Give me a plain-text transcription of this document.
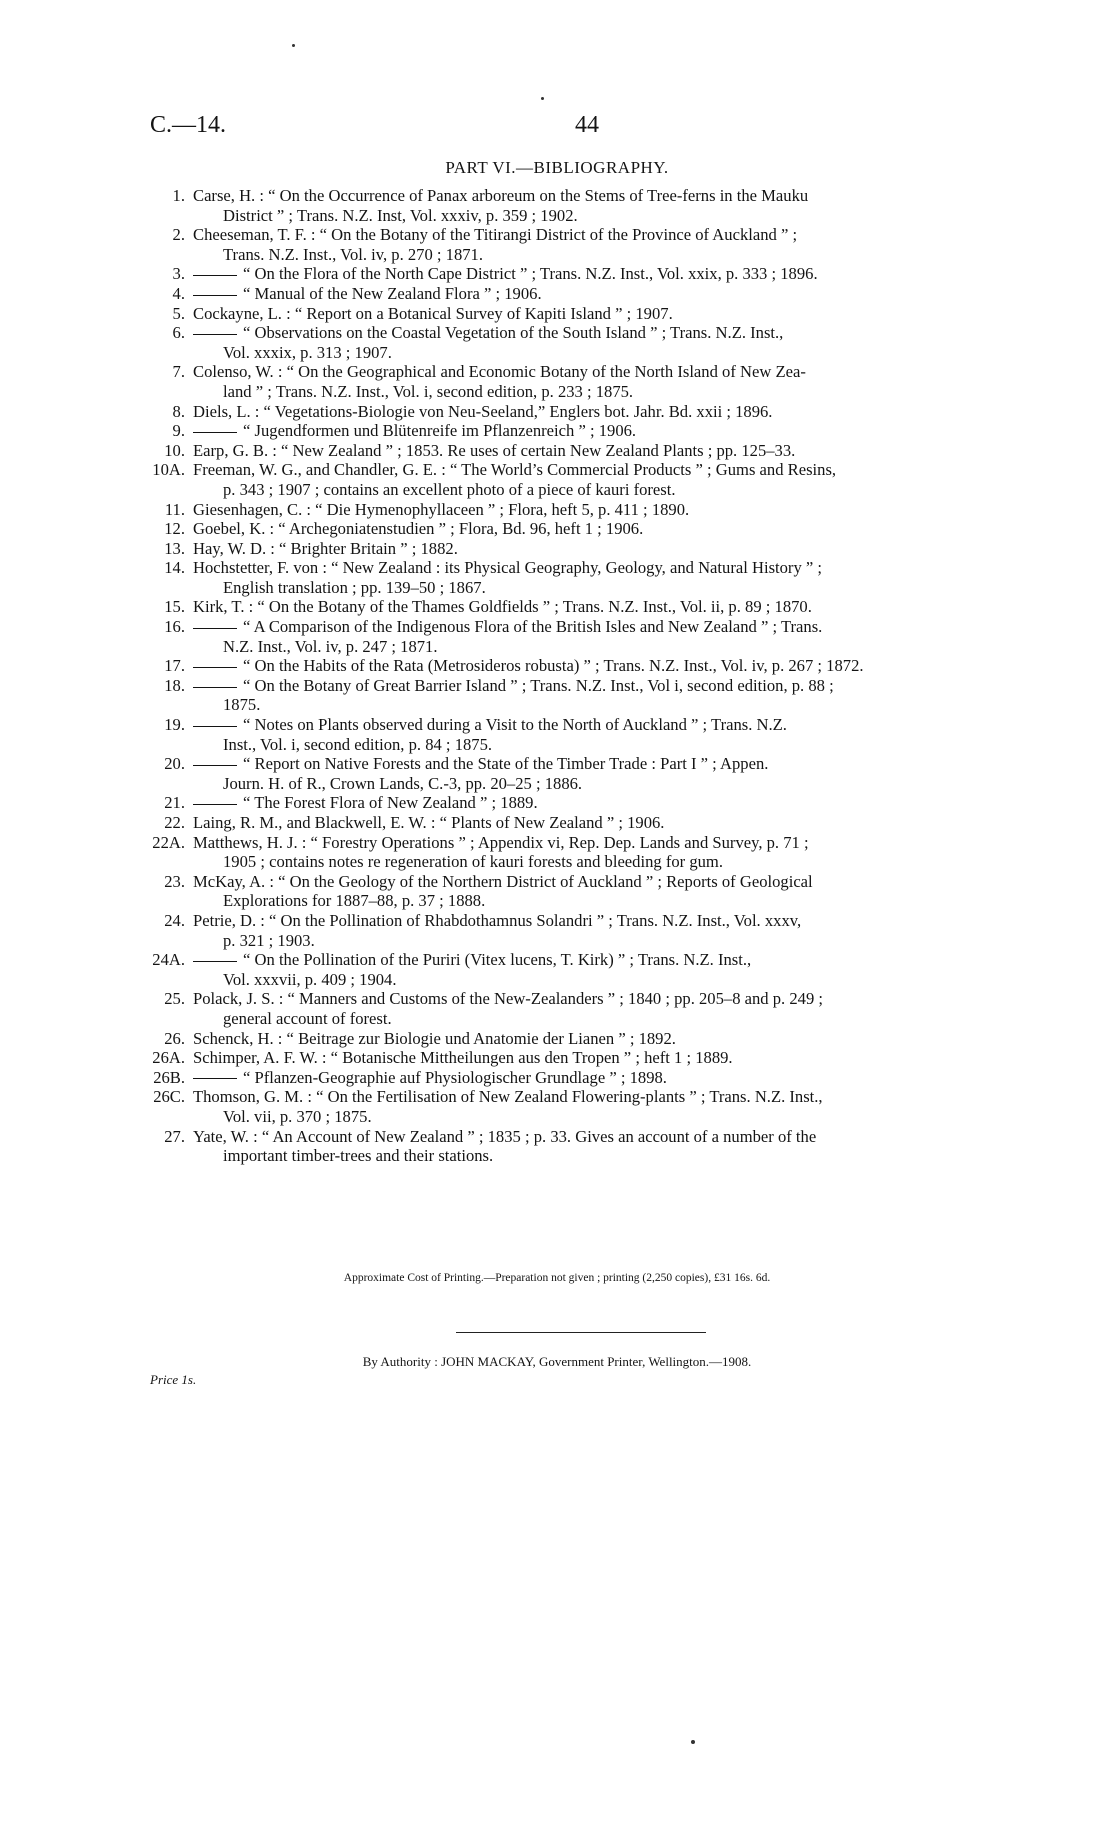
C.—14.	44
PART VI.—BIBLIOGRAPHY.
1. Carse, H. : “ On the Occurrence of Panax arboreum on the Stems of Tree-ferns in the Mauku
District ” ; Trans. N.Z. Inst, Vol. xxxiv, p. 359 ; 1902.
2. Cheeseman, T. F. : “ On the Botany of the Titirangi District of the Province of Auckland ” ;
Trans. N.Z. Inst., Vol. iv, p. 270 ; 1871.
3.	“ On the Flora of the North Cape District ” ; Trans. N.Z. Inst., Vol. xxix, p. 333 ; 1896.
4.	“ Manual of the New Zealand Flora ” ; 1906.
5. Cockayne, L. : “ Report on a Botanical Survey of Kapiti Island ” ; 1907.
6.	“ Observations on the Coastal Vegetation of the South Island ” ; Trans. N.Z. Inst.,
Vol. xxxix, p. 313 ; 1907.
7. Colenso, W. : “ On the Geographical and Economic Botany of the North Island of New Zea-
land ” ; Trans. N.Z. Inst., Vol. i, second edition, p. 233 ; 1875.
8. Diels, L. : “ Vegetations-Biologie von Neu-Seeland,” Englers bot. Jahr. Bd. xxii ; 1896.
9.	“ Jugendformen und Blütenreife im Pflanzenreich ” ; 1906.
10. Earp, G. B. : “ New Zealand ” ; 1853. Re uses of certain New Zealand Plants ; pp. 125–33.
10A. Freeman, W. G., and Chandler, G. E. : “ The World’s Commercial Products ” ; Gums and Resins,
p. 343 ; 1907 ; contains an excellent photo of a piece of kauri forest.
11. Giesenhagen, C. : “ Die Hymenophyllaceen ” ; Flora, heft 5, p. 411 ; 1890.
12. Goebel, K. : “ Archegoniatenstudien ” ; Flora, Bd. 96, heft 1 ; 1906.
13. Hay, W. D. : “ Brighter Britain ” ; 1882.
14. Hochstetter, F. von : “ New Zealand : its Physical Geography, Geology, and Natural History ” ;
English translation ; pp. 139–50 ; 1867.
15. Kirk, T. : “ On the Botany of the Thames Goldfields ” ; Trans. N.Z. Inst., Vol. ii, p. 89 ; 1870.
16.	“ A Comparison of the Indigenous Flora of the British Isles and New Zealand ” ; Trans.
N.Z. Inst., Vol. iv, p. 247 ; 1871.
17.	“ On the Habits of the Rata (Metrosideros robusta) ” ; Trans. N.Z. Inst., Vol. iv, p. 267 ; 1872.
18.	“ On the Botany of Great Barrier Island ” ; Trans. N.Z. Inst., Vol i, second edition, p. 88 ;
1875.
19.	“ Notes on Plants observed during a Visit to the North of Auckland ” ; Trans. N.Z.
Inst., Vol. i, second edition, p. 84 ; 1875.
20.	“ Report on Native Forests and the State of the Timber Trade : Part I ” ; Appen.
Journ. H. of R., Crown Lands, C.-3, pp. 20–25 ; 1886.
21.	“ The Forest Flora of New Zealand ” ; 1889.
22. Laing, R. M., and Blackwell, E. W. : “ Plants of New Zealand ” ; 1906.
22A. Matthews, H. J. : “ Forestry Operations ” ; Appendix vi, Rep. Dep. Lands and Survey, p. 71 ;
1905 ; contains notes re regeneration of kauri forests and bleeding for gum.
23. McKay, A. : “ On the Geology of the Northern District of Auckland ” ; Reports of Geological
Explorations for 1887–88, p. 37 ; 1888.
24. Petrie, D. : “ On the Pollination of Rhabdothamnus Solandri ” ; Trans. N.Z. Inst., Vol. xxxv,
p. 321 ; 1903.
24A.	“ On the Pollination of the Puriri (Vitex lucens, T. Kirk) ” ; Trans. N.Z. Inst.,
Vol. xxxvii, p. 409 ; 1904.
25. Polack, J. S. : “ Manners and Customs of the New-Zealanders ” ; 1840 ; pp. 205–8 and p. 249 ;
general account of forest.
26. Schenck, H. : “ Beitrage zur Biologie und Anatomie der Lianen ” ; 1892.
26A. Schimper, A. F. W. : “ Botanische Mittheilungen aus den Tropen ” ; heft 1 ; 1889.
26B.	“ Pflanzen-Geographie auf Physiologischer Grundlage ” ; 1898.
26C. Thomson, G. M. : “ On the Fertilisation of New Zealand Flowering-plants ” ; Trans. N.Z. Inst.,
Vol. vii, p. 370 ; 1875.
27. Yate, W. : “ An Account of New Zealand ” ; 1835 ; p. 33. Gives an account of a number of the
important timber-trees and their stations.
Approximate Cost of Printing.—Preparation not given ; printing (2,250 copies), £31 16s. 6d.
By Authority : JOHN MACKAY, Government Printer, Wellington.—1908.
Price 1s.
